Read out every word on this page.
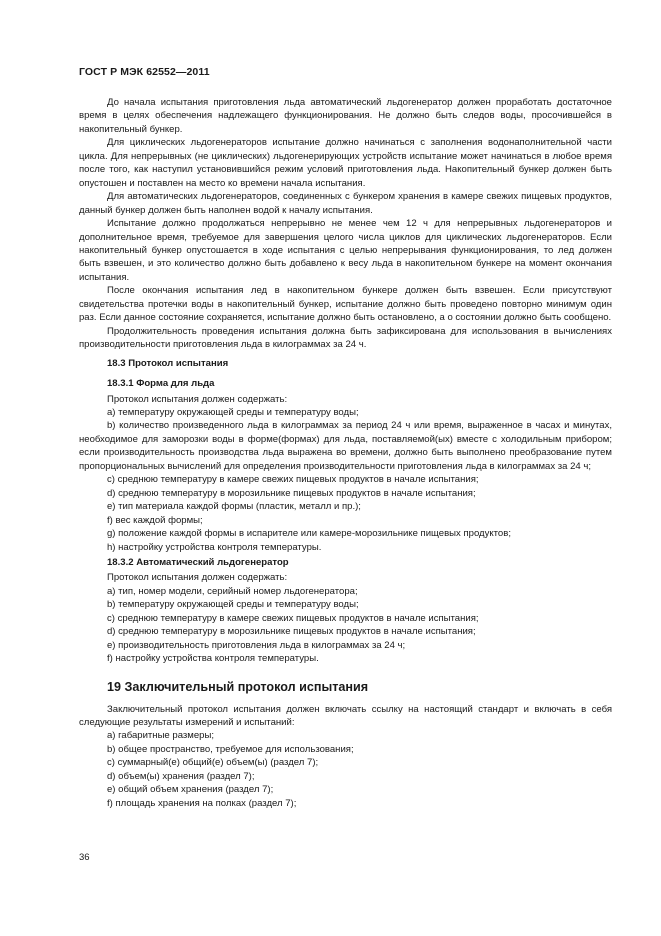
ГОСТ Р МЭК 62552—2011

До начала испытания приготовления льда автоматический льдогенератор должен проработать достаточное время в целях обеспечения надлежащего функционирования. Не должно быть следов воды, просочившейся в накопительный бункер.

Для циклических льдогенераторов испытание должно начинаться с заполнения водонаполнительной части цикла. Для непрерывных (не циклических) льдогенерирующих устройств испытание может начинаться в любое время после того, как наступил установившийся режим условий приготовления льда. Накопительный бункер должен быть опустошен и поставлен на место ко времени начала испытания.

Для автоматических льдогенераторов, соединенных с бункером хранения в камере свежих пищевых продуктов, данный бункер должен быть наполнен водой к началу испытания.

Испытание должно продолжаться непрерывно не менее чем 12 ч для непрерывных льдогенераторов и дополнительное время, требуемое для завершения целого числа циклов для циклических льдогенераторов. Если накопительный бункер опустошается в ходе испытания с целью непрерывания функционирования, то лед должен быть взвешен, и это количество должно быть добавлено к весу льда в накопительном бункере на момент окончания испытания.

После окончания испытания лед в накопительном бункере должен быть взвешен. Если присутствуют свидетельства протечки воды в накопительный бункер, испытание должно быть проведено повторно минимум один раз. Если данное состояние сохраняется, испытание должно быть остановлено, а о состоянии должно быть сообщено.

Продолжительность проведения испытания должна быть зафиксирована для использования в вычислениях производительности приготовления льда в килограммах за 24 ч.

18.3 Протокол испытания
18.3.1 Форма для льда

Протокол испытания должен содержать:

a) температуру окружающей среды и температуру воды;

b) количество произведенного льда в килограммах за период 24 ч или время, выраженное в часах и минутах, необходимое для заморозки воды в форме(формах) для льда, поставляемой(ых) вместе с холодильным прибором; если производительность производства льда выражена во времени, должно быть выполнено преобразование путем пропорциональных вычислений для определения производительности приготовления льда в килограммах за 24 ч;

c) среднюю температуру в камере свежих пищевых продуктов в начале испытания;

d) среднюю температуру в морозильнике пищевых продуктов в начале испытания;

e) тип материала каждой формы (пластик, металл и пр.);

f) вес каждой формы;

g) положение каждой формы в испарителе или камере-морозильнике пищевых продуктов;

h) настройку устройства контроля температуры.

18.3.2 Автоматический льдогенератор

Протокол испытания должен содержать:

a) тип, номер модели, серийный номер льдогенератора;

b) температуру окружающей среды и температуру воды;

c) среднюю температуру в камере свежих пищевых продуктов в начале испытания;

d) среднюю температуру в морозильнике пищевых продуктов в начале испытания;

e) производительность приготовления льда в килограммах за 24 ч;

f) настройку устройства контроля температуры.

19 Заключительный протокол испытания

Заключительный протокол испытания должен включать ссылку на настоящий стандарт и включать в себя следующие результаты измерений и испытаний:

a) габаритные размеры;

b) общее пространство, требуемое для использования;

c) суммарный(е) общий(е) объем(ы) (раздел 7);

d) объем(ы) хранения (раздел 7);

e) общий объем хранения (раздел 7);

f) площадь хранения на полках (раздел 7);

36
